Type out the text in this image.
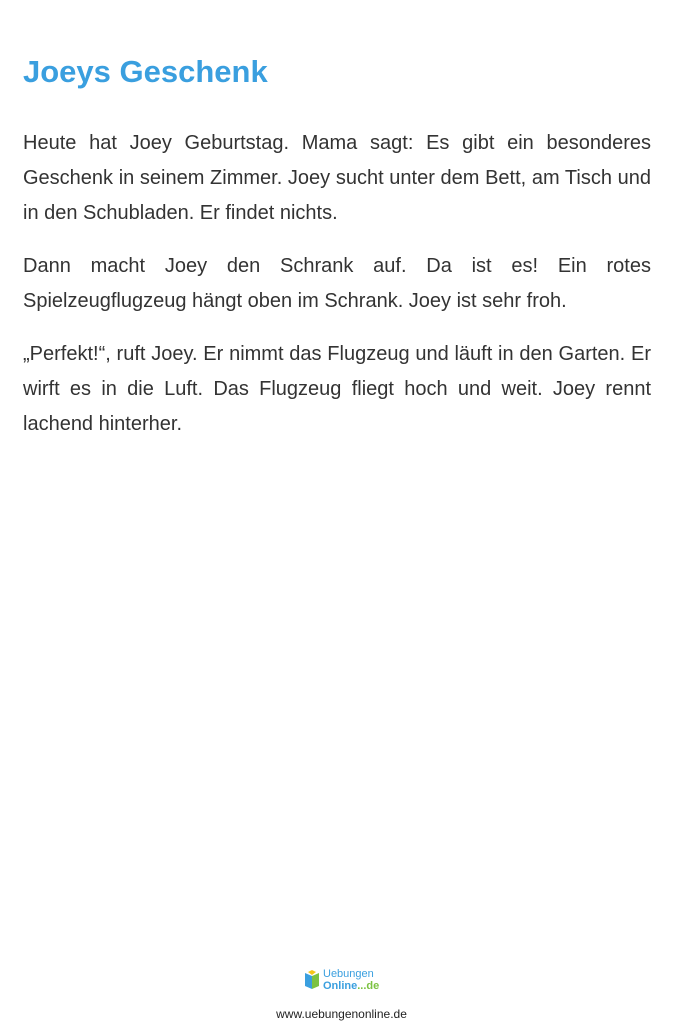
Joeys Geschenk

Heute hat Joey Geburtstag. Mama sagt: Es gibt ein besonderes Geschenk in seinem Zimmer. Joey sucht unter dem Bett, am Tisch und in den Schubladen. Er findet nichts.

Dann macht Joey den Schrank auf. Da ist es! Ein rotes Spielzeugflugzeug hängt oben im Schrank. Joey ist sehr froh.

„Perfekt!“, ruft Joey. Er nimmt das Flugzeug und läuft in den Garten. Er wirft es in die Luft. Das Flugzeug fliegt hoch und weit. Joey rennt lachend hinterher.

Uebungen
Online...de
www.uebungenonline.de
